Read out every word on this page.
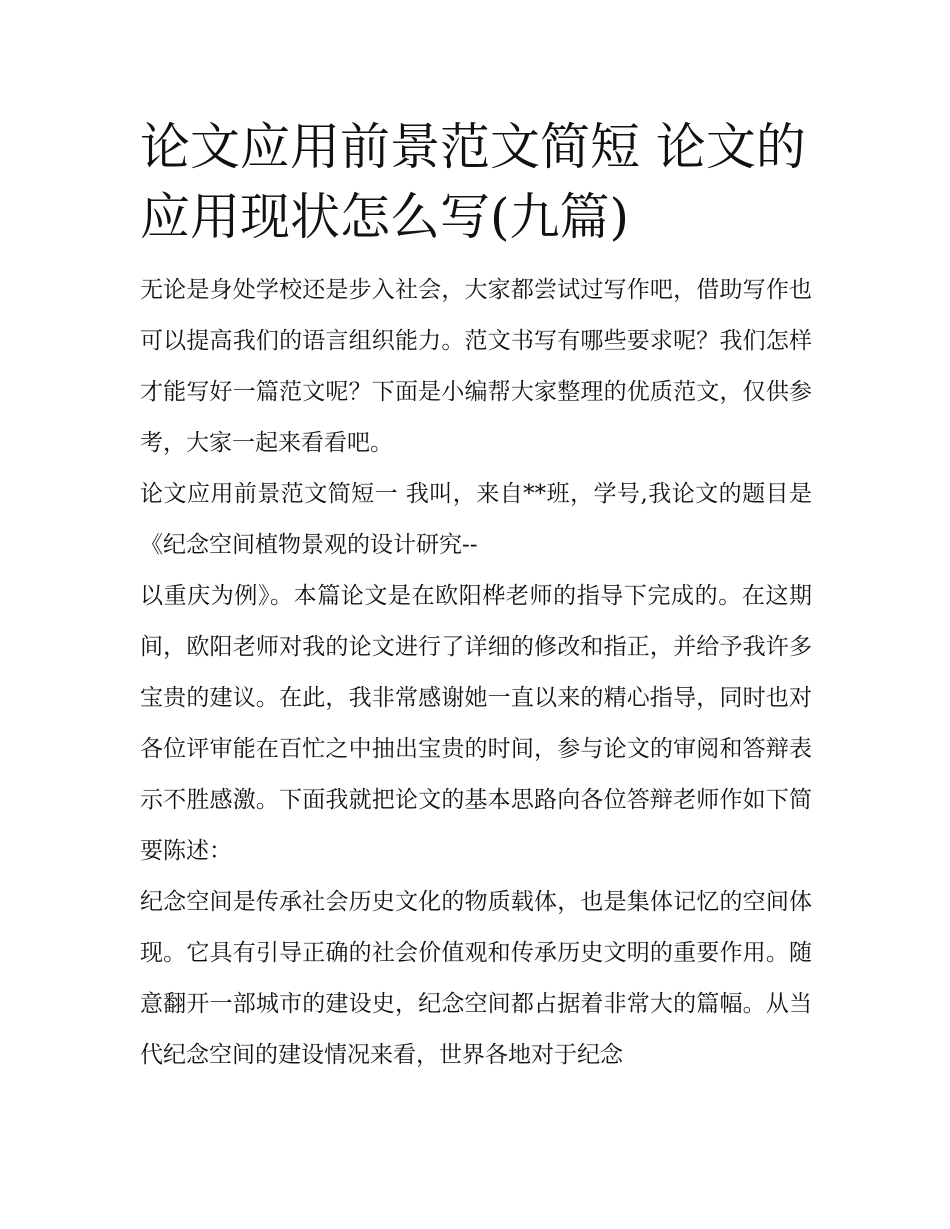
论文应用前景范文简短 论文的应用现状怎么写(九篇)

无论是身处学校还是步入社会，大家都尝试过写作吧，借助写作也可以提高我们的语言组织能力。范文书写有哪些要求呢？我们怎样才能写好一篇范文呢？下面是小编帮大家整理的优质范文，仅供参考，大家一起来看看吧。

论文应用前景范文简短一 我叫，来自**班，学号,我论文的题目是《纪念空间植物景观的设计研究--

以重庆为例》。本篇论文是在欧阳桦老师的指导下完成的。在这期间，欧阳老师对我的论文进行了详细的修改和指正，并给予我许多宝贵的建议。在此，我非常感谢她一直以来的精心指导，同时也对各位评审能在百忙之中抽出宝贵的时间，参与论文的审阅和答辩表示不胜感激。下面我就把论文的基本思路向各位答辩老师作如下简要陈述：

纪念空间是传承社会历史文化的物质载体，也是集体记忆的空间体现。它具有引导正确的社会价值观和传承历史文明的重要作用。随意翻开一部城市的建设史，纪念空间都占据着非常大的篇幅。从当代纪念空间的建设情况来看，世界各地对于纪念
